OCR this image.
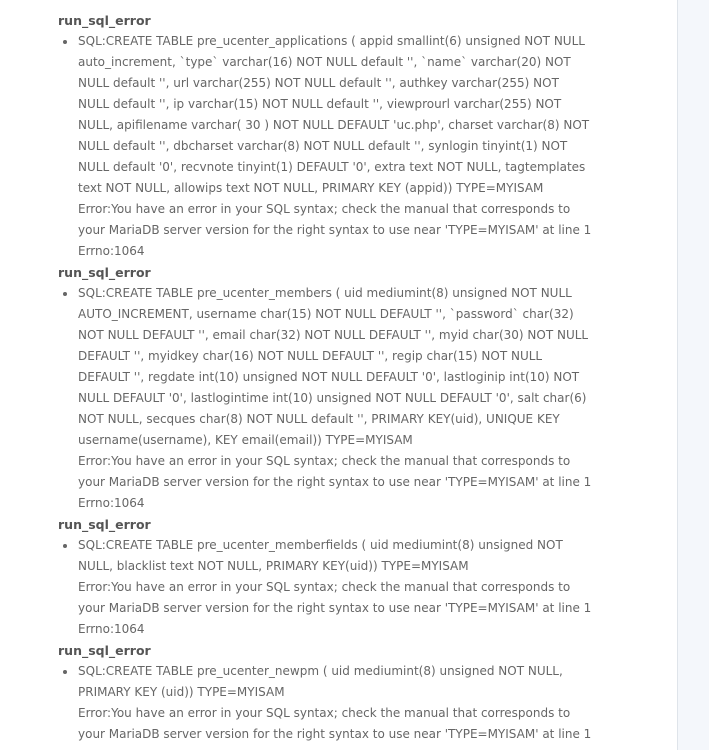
run_sql_error
SQL:CREATE TABLE pre_ucenter_applications ( appid smallint(6) unsigned NOT NULL
auto_increment, `type` varchar(16) NOT NULL default '', `name` varchar(20) NOT
NULL default '', url varchar(255) NOT NULL default '', authkey varchar(255) NOT
NULL default '', ip varchar(15) NOT NULL default '', viewprourl varchar(255) NOT
NULL, apifilename varchar( 30 ) NOT NULL DEFAULT 'uc.php', charset varchar(8) NOT
NULL default '', dbcharset varchar(8) NOT NULL default '', synlogin tinyint(1) NOT
NULL default '0', recvnote tinyint(1) DEFAULT '0', extra text NOT NULL, tagtemplates
text NOT NULL, allowips text NOT NULL, PRIMARY KEY (appid)) TYPE=MYISAM
Error:You have an error in your SQL syntax; check the manual that corresponds to
your MariaDB server version for the right syntax to use near 'TYPE=MYISAM' at line 1
Errno:1064
run_sql_error
SQL:CREATE TABLE pre_ucenter_members ( uid mediumint(8) unsigned NOT NULL
AUTO_INCREMENT, username char(15) NOT NULL DEFAULT '', `password` char(32)
NOT NULL DEFAULT '', email char(32) NOT NULL DEFAULT '', myid char(30) NOT NULL
DEFAULT '', myidkey char(16) NOT NULL DEFAULT '', regip char(15) NOT NULL
DEFAULT '', regdate int(10) unsigned NOT NULL DEFAULT '0', lastloginip int(10) NOT
NULL DEFAULT '0', lastlogintime int(10) unsigned NOT NULL DEFAULT '0', salt char(6)
NOT NULL, secques char(8) NOT NULL default '', PRIMARY KEY(uid), UNIQUE KEY
username(username), KEY email(email)) TYPE=MYISAM
Error:You have an error in your SQL syntax; check the manual that corresponds to
your MariaDB server version for the right syntax to use near 'TYPE=MYISAM' at line 1
Errno:1064
run_sql_error
SQL:CREATE TABLE pre_ucenter_memberfields ( uid mediumint(8) unsigned NOT
NULL, blacklist text NOT NULL, PRIMARY KEY(uid)) TYPE=MYISAM
Error:You have an error in your SQL syntax; check the manual that corresponds to
your MariaDB server version for the right syntax to use near 'TYPE=MYISAM' at line 1
Errno:1064
run_sql_error
SQL:CREATE TABLE pre_ucenter_newpm ( uid mediumint(8) unsigned NOT NULL,
PRIMARY KEY (uid)) TYPE=MYISAM
Error:You have an error in your SQL syntax; check the manual that corresponds to
your MariaDB server version for the right syntax to use near 'TYPE=MYISAM' at line 1
